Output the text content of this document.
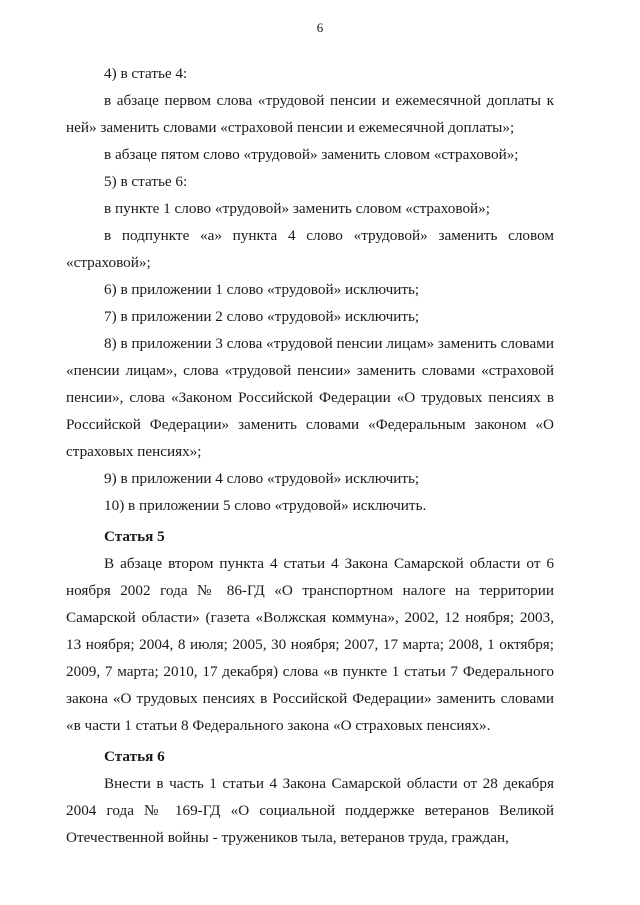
6

4) в статье 4:

в абзаце первом слова «трудовой пенсии и ежемесячной доплаты к ней» заменить словами «страховой пенсии и ежемесячной доплаты»;

в абзаце пятом слово «трудовой» заменить словом «страховой»;

5) в статье 6:

в пункте 1 слово «трудовой» заменить словом «страховой»;

в подпункте «а» пункта 4 слово «трудовой» заменить словом «страховой»;

6) в приложении 1 слово «трудовой» исключить;

7) в приложении 2 слово «трудовой» исключить;

8) в приложении 3 слова «трудовой пенсии лицам» заменить словами «пенсии лицам», слова «трудовой пенсии» заменить словами «страховой пенсии», слова «Законом Российской Федерации «О трудовых пенсиях в Российской Федерации» заменить словами «Федеральным законом «О страховых пенсиях»;

9) в приложении 4 слово «трудовой» исключить;

10) в приложении 5 слово «трудовой» исключить.

Статья 5

В абзаце втором пункта 4 статьи 4 Закона Самарской области от 6 ноября 2002 года № 86-ГД «О транспортном налоге на территории Самарской области» (газета «Волжская коммуна», 2002, 12 ноября; 2003, 13 ноября; 2004, 8 июля; 2005, 30 ноября; 2007, 17 марта; 2008, 1 октября; 2009, 7 марта; 2010, 17 декабря) слова «в пункте 1 статьи 7 Федерального закона «О трудовых пенсиях в Российской Федерации» заменить словами «в части 1 статьи 8 Федерального закона «О страховых пенсиях».

Статья 6

Внести в часть 1 статьи 4 Закона Самарской области от 28 декабря 2004 года № 169-ГД «О социальной поддержке ветеранов Великой Отечественной войны - тружеников тыла, ветеранов труда, граждан,
